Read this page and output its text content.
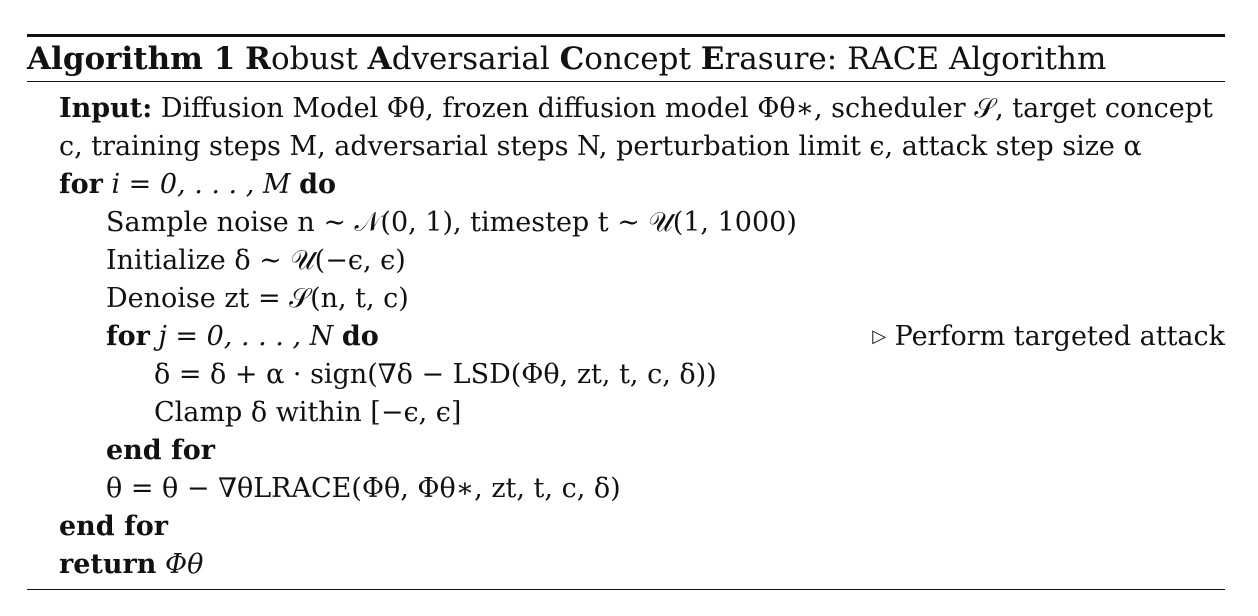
Algorithm 1 Robust Adversarial Concept Erasure: RACE Algorithm
Input: Diffusion Model Φθ, frozen diffusion model Φθ∗, scheduler 𝒮, target concept
c, training steps M, adversarial steps N, perturbation limit ϵ, attack step size α
for i = 0, . . . , M do
Sample noise n ∼ 𝒩(0, 1), timestep t ∼ 𝒰(1, 1000)
Initialize δ ∼ 𝒰(−ϵ, ϵ)
Denoise zt = 𝒮(n, t, c)
for j = 0, . . . , N do	▷ Perform targeted attack
δ = δ + α · sign(∇δ − LSD(Φθ, zt, t, c, δ))
Clamp δ within [−ϵ, ϵ]
end for
θ = θ − ∇θLRACE(Φθ, Φθ∗, zt, t, c, δ)
end for
return Φθ
